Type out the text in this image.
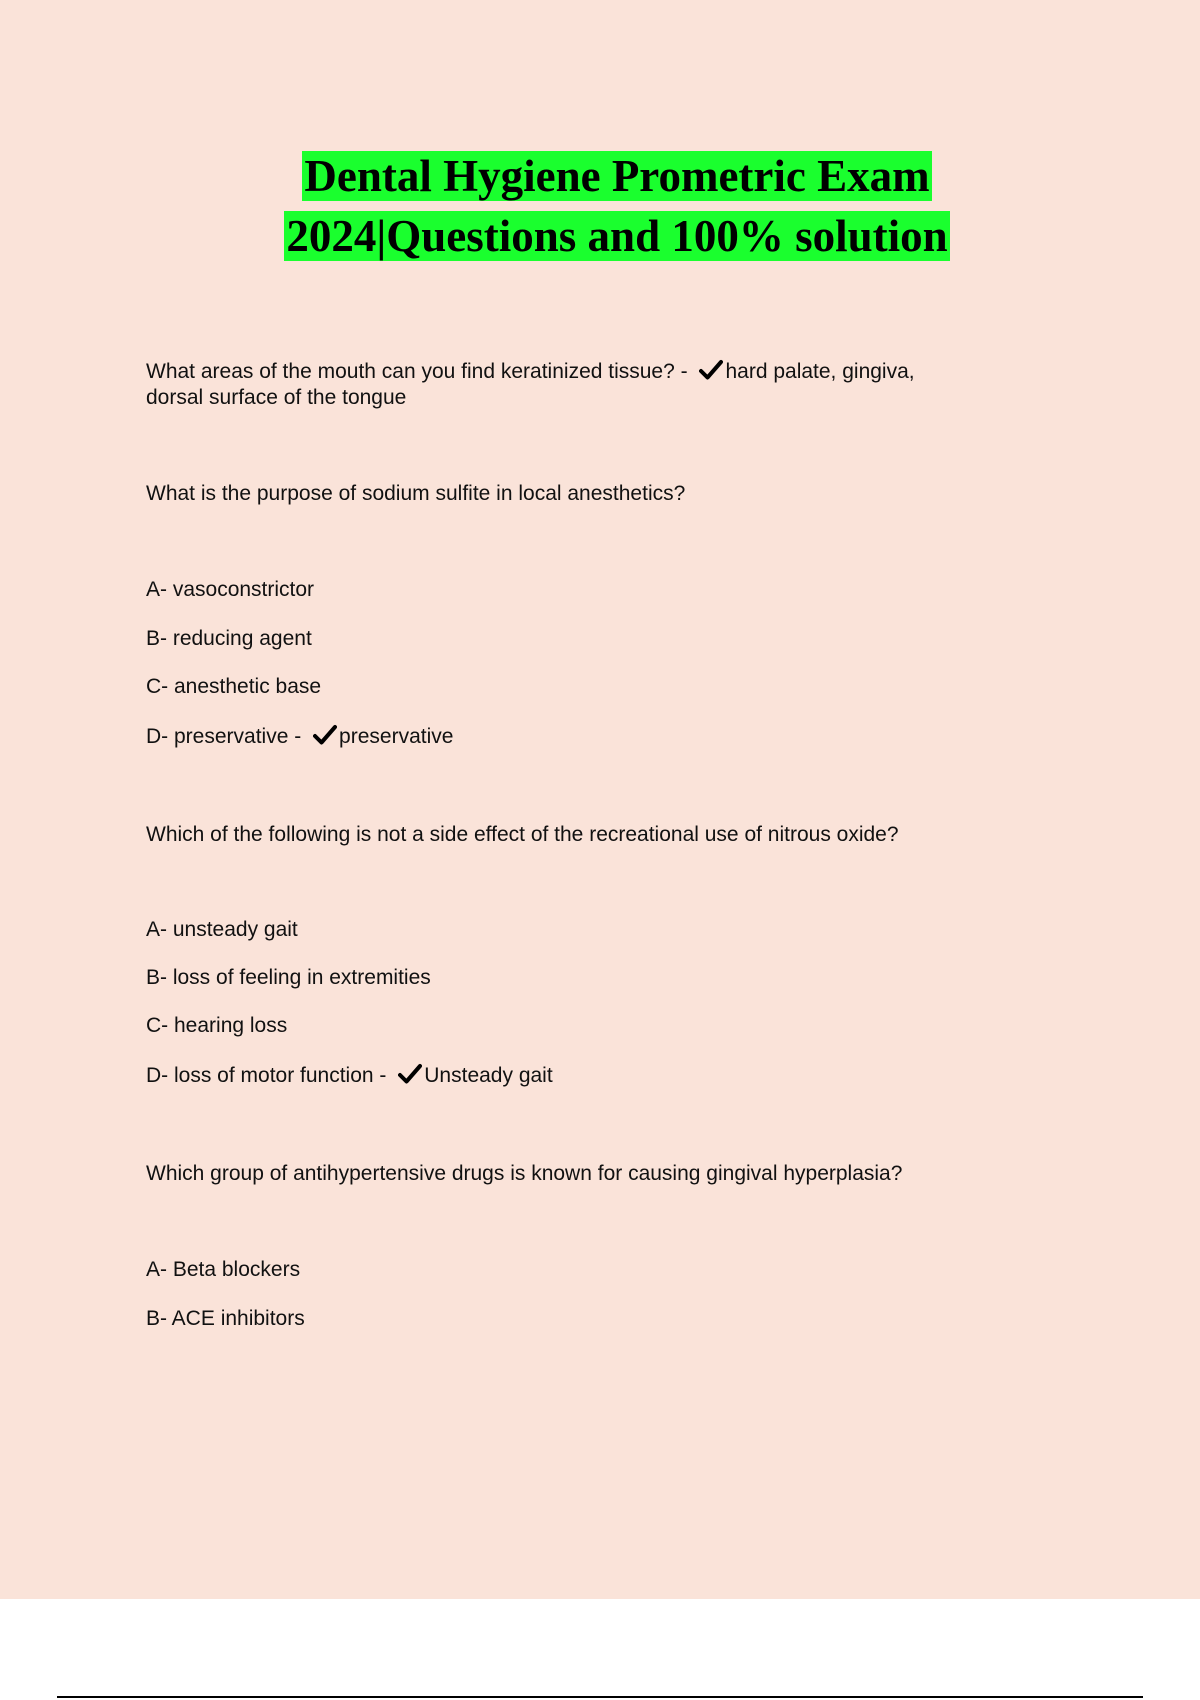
Dental Hygiene Prometric Exam
2024|Questions and 100% solution
What areas of the mouth can you find keratinized tissue? - hard palate, gingiva,
dorsal surface of the tongue
What is the purpose of sodium sulfite in local anesthetics?
A- vasoconstrictor
B- reducing agent
C- anesthetic base
D- preservative - preservative
Which of the following is not a side effect of the recreational use of nitrous oxide?
A- unsteady gait
B- loss of feeling in extremities
C- hearing loss
D- loss of motor function - Unsteady gait
Which group of antihypertensive drugs is known for causing gingival hyperplasia?
A- Beta blockers
B- ACE inhibitors
